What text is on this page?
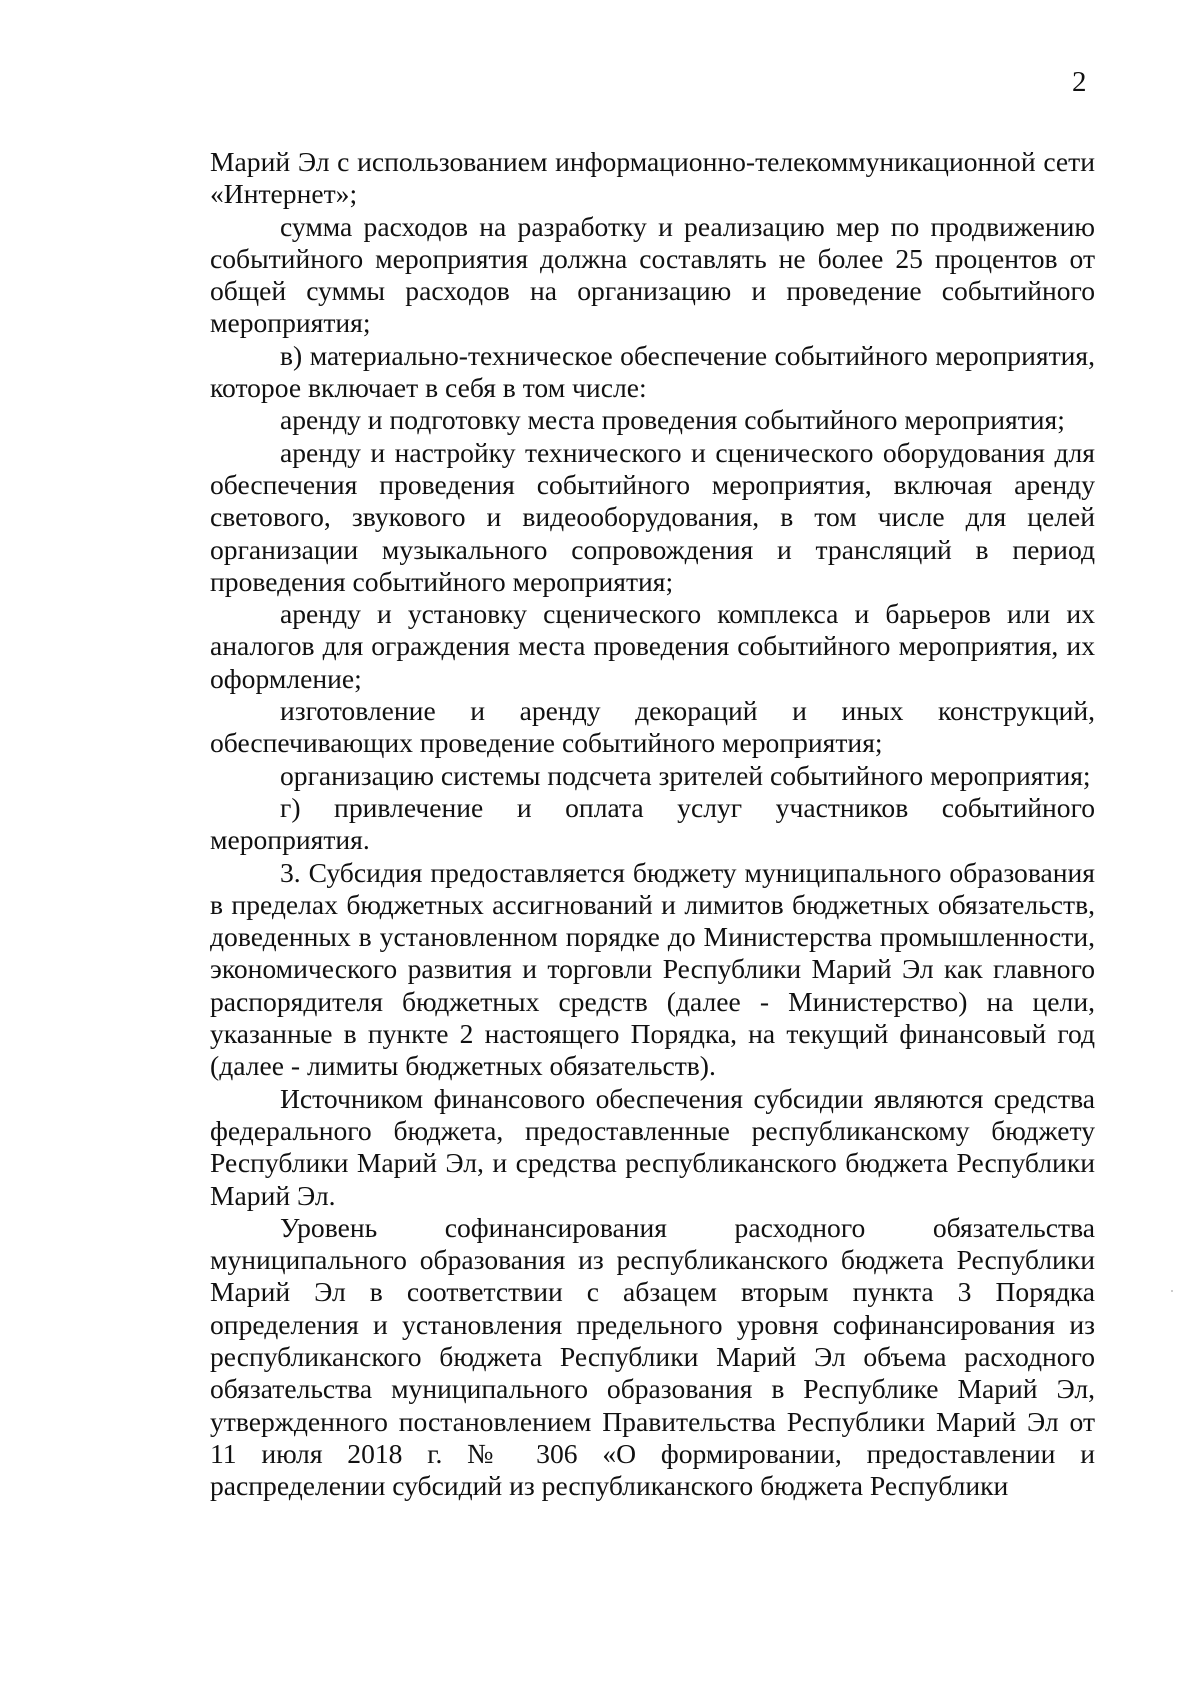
2

Марий Эл с использованием информационно-телекоммуникационной сети «Интернет»;

сумма расходов на разработку и реализацию мер по продвижению событийного мероприятия должна составлять не более 25 процентов от общей суммы расходов на организацию и проведение событийного мероприятия;

в) материально-техническое обеспечение событийного мероприятия, которое включает в себя в том числе:

аренду и подготовку места проведения событийного мероприятия;

аренду и настройку технического и сценического оборудования для обеспечения проведения событийного мероприятия, включая аренду светового, звукового и видеооборудования, в том числе для целей организации музыкального сопровождения и трансляций в период проведения событийного мероприятия;

аренду и установку сценического комплекса и барьеров или их аналогов для ограждения места проведения событийного мероприятия, их оформление;

изготовление и аренду декораций и иных конструкций, обеспечивающих проведение событийного мероприятия;

организацию системы подсчета зрителей событийного мероприятия;

г) привлечение и оплата услуг участников событийного мероприятия.

3. Субсидия предоставляется бюджету муниципального образования в пределах бюджетных ассигнований и лимитов бюджетных обязательств, доведенных в установленном порядке до Министерства промышленности, экономического развития и торговли Республики Марий Эл как главного распорядителя бюджетных средств (далее - Министерство) на цели, указанные в пункте 2 настоящего Порядка, на текущий финансовый год (далее - лимиты бюджетных обязательств).

Источником финансового обеспечения субсидии являются средства федерального бюджета, предоставленные республиканскому бюджету Республики Марий Эл, и средства республиканского бюджета Республики Марий Эл.

Уровень софинансирования расходного обязательства муниципального образования из республиканского бюджета Республики Марий Эл в соответствии с абзацем вторым пункта 3 Порядка определения и установления предельного уровня софинансирования из республиканского бюджета Республики Марий Эл объема расходного обязательства муниципального образования в Республике Марий Эл, утвержденного постановлением Правительства Республики Марий Эл от 11 июля 2018 г. № 306 «О формировании, предоставлении и распределении субсидий из республиканского бюджета Республики
